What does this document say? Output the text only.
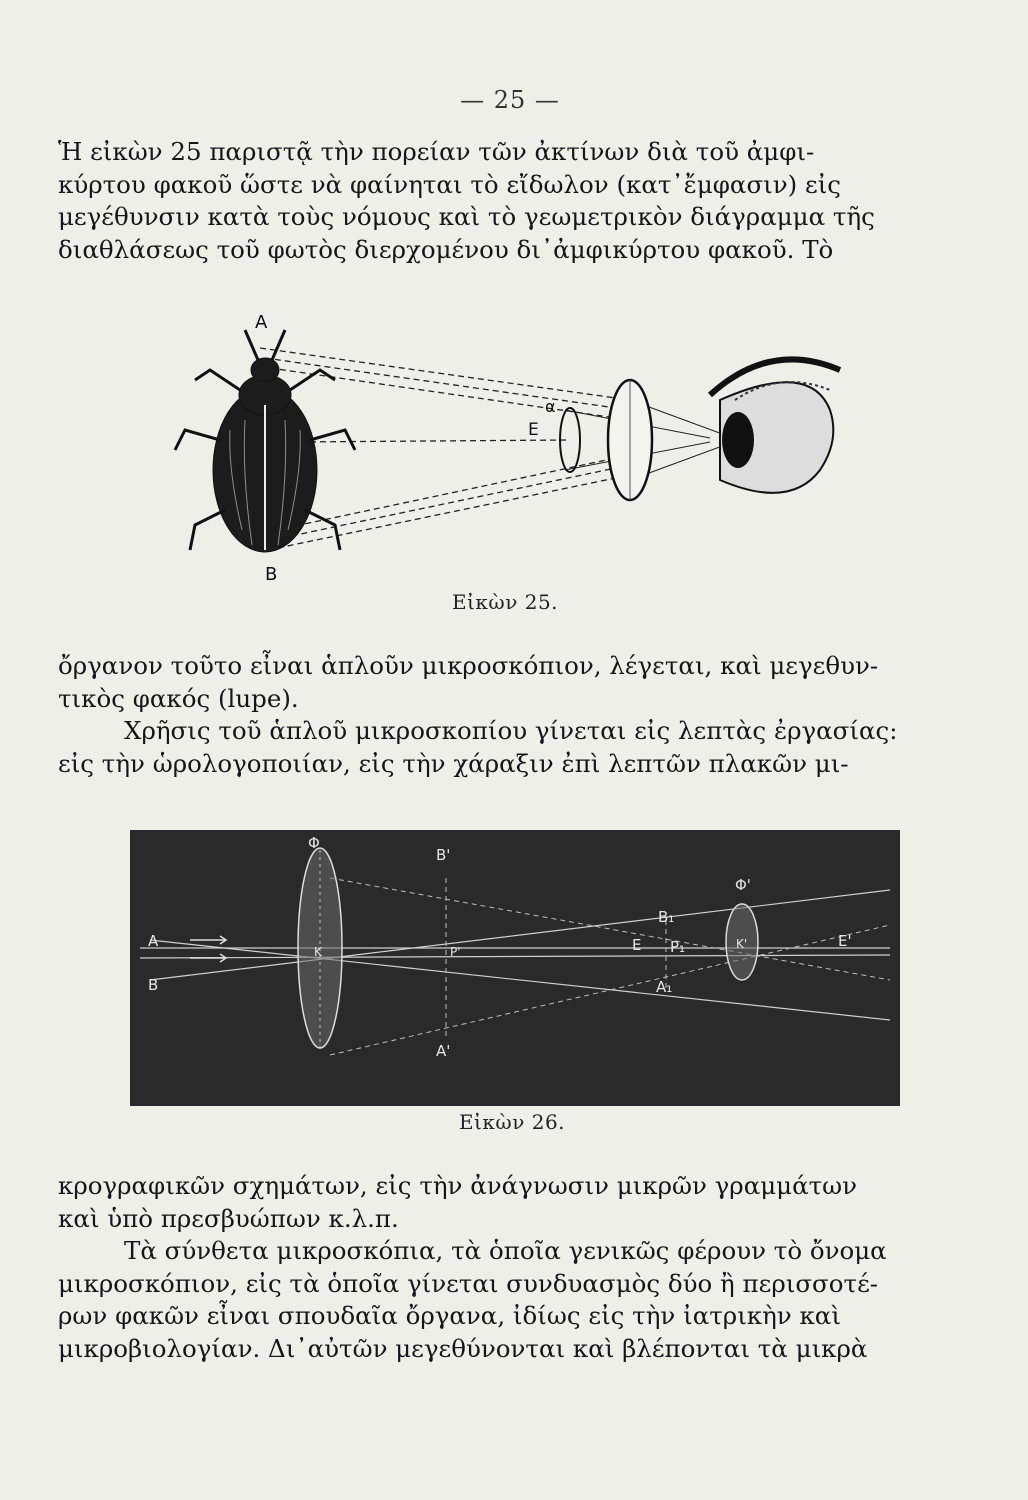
— 25 —
Ἡ εἰκὼν 25 παριστᾷ τὴν πορείαν τῶν ἀκτίνων διὰ τοῦ ἀμφι-
κύρτου φακοῦ ὥστε νὰ φαίνηται τὸ εἴδωλον (κατ᾽ἔμφασιν) εἰς
μεγέθυνσιν κατὰ τοὺς νόμους καὶ τὸ γεωμετρικὸν διάγραμμα τῆς
διαθλάσεως τοῦ φωτὸς διερχομένου δι᾽ἀμφικύρτου φακοῦ. Τὸ
A
B
E
α
Εἰκὼν 25.
ὄργανον τοῦτο εἶναι ἁπλοῦν μικροσκόπιον, λέγεται, καὶ μεγεθυν-
τικὸς φακός (lupe).
Χρῆσις τοῦ ἁπλοῦ μικροσκοπίου γίνεται εἰς λεπτὰς ἐργασίας:
εἰς τὴν ὡρολογοποιίαν, εἰς τὴν χάραξιν ἐπὶ λεπτῶν πλακῶν μι-
Φ
B'
Φ'
A
K	P'
B₁
E P₁	K'	E'
B	A₁
A'
Εἰκὼν 26.
κρογραφικῶν σχημάτων, εἰς τὴν ἀνάγνωσιν μικρῶν γραμμάτων
καὶ ὑπὸ πρεσβυώπων κ.λ.π.
Τὰ σύνθετα μικροσκόπια, τὰ ὁποῖα γενικῶς φέρουν τὸ ὄνομα
μικροσκόπιον, εἰς τὰ ὁποῖα γίνεται συνδυασμὸς δύο ἢ περισσοτέ-
ρων φακῶν εἶναι σπουδαῖα ὄργανα, ἰδίως εἰς τὴν ἰατρικὴν καὶ
μικροβιολογίαν. Δι᾽αὐτῶν μεγεθύνονται καὶ βλέπονται τὰ μικρὰ
